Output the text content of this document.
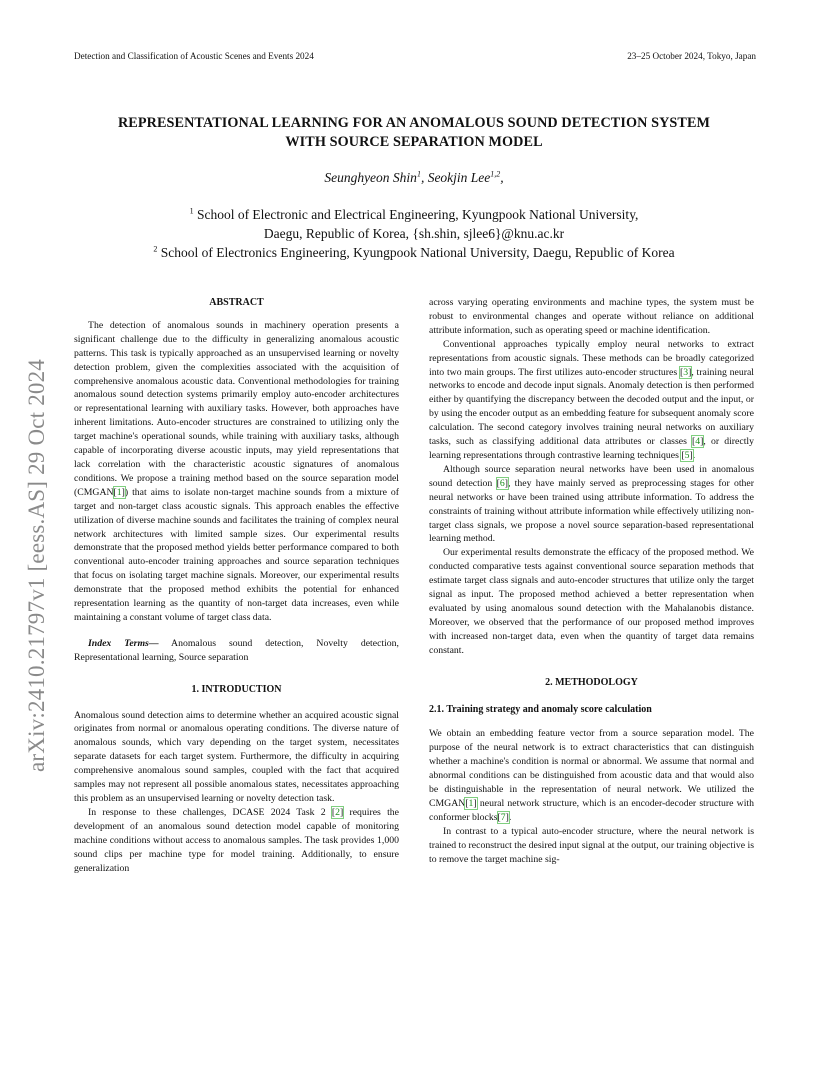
Detection and Classification of Acoustic Scenes and Events 2024	23–25 October 2024, Tokyo, Japan
REPRESENTATIONAL LEARNING FOR AN ANOMALOUS SOUND DETECTION SYSTEM
WITH SOURCE SEPARATION MODEL
Seunghyeon Shin$^1$, Seokjin Lee$^{1,2}$,
$^1$ School of Electronic and Electrical Engineering, Kyungpook National University,
Daegu, Republic of Korea, {sh.shin, sjlee6}@knu.ac.kr
$^2$ School of Electronics Engineering, Kyungpook National University, Daegu, Republic of Korea
arXiv:2410.21797v1 [eess.AS] 29 Oct 2024
ABSTRACT

The detection of anomalous sounds in machinery operation presents a significant challenge due to the difficulty in generalizing anomalous acoustic patterns. This task is typically approached as an unsupervised learning or novelty detection problem, given the complexities associated with the acquisition of comprehensive anomalous acoustic data. Conventional methodologies for training anomalous sound detection systems primarily employ auto-encoder architectures or representational learning with auxiliary tasks. However, both approaches have inherent limitations. Auto-encoder structures are constrained to utilizing only the target machine's operational sounds, while training with auxiliary tasks, although capable of incorporating diverse acoustic inputs, may yield representations that lack correlation with the characteristic acoustic signatures of anomalous conditions. We propose a training method based on the source separation model (CMGAN [ 1 ] ) that aims to isolate non-target machine sounds from a mixture of target and non-target class acoustic signals. This approach enables the effective utilization of diverse machine sounds and facilitates the training of complex neural network architectures with limited sample sizes. Our experimental results demonstrate that the proposed method yields better performance compared to both conventional auto-encoder training approaches and source separation techniques that focus on isolating target machine signals. Moreover, our experimental results demonstrate that the proposed method exhibits the potential for enhanced representation learning as the quantity of non-target data increases, even while maintaining a constant volume of target class data.

Index Terms— Anomalous sound detection, Novelty detection, Representational learning, Source separation

1. INTRODUCTION

Anomalous sound detection aims to determine whether an acquired acoustic signal originates from normal or anomalous operating conditions. The diverse nature of anomalous sounds, which vary depending on the target system, necessitates separate datasets for each target system. Furthermore, the difficulty in acquiring comprehensive anomalous sound samples, coupled with the fact that acquired samples may not represent all possible anomalous states, necessitates approaching this problem as an unsupervised learning or novelty detection task.

In response to these challenges, DCASE 2024 Task 2 [ 2 ] requires the development of an anomalous sound detection model capable of monitoring machine conditions without access to anomalous samples. The task provides 1,000 sound clips per machine type for model training. Additionally, to ensure generalization

across varying operating environments and machine types, the system must be robust to environmental changes and operate without reliance on additional attribute information, such as operating speed or machine identification.

Conventional approaches typically employ neural networks to extract representations from acoustic signals. These methods can be broadly categorized into two main groups. The first utilizes auto-encoder structures [ 3 ] , training neural networks to encode and decode input signals. Anomaly detection is then performed either by quantifying the discrepancy between the decoded output and the input, or by using the encoder output as an embedding feature for subsequent anomaly score calculation. The second category involves training neural networks on auxiliary tasks, such as classifying additional data attributes or classes [ 4 ] , or directly learning representations through contrastive learning techniques [ 5 ] .

Although source separation neural networks have been used in anomalous sound detection [ 6 ] , they have mainly served as preprocessing stages for other neural networks or have been trained using attribute information. To address the constraints of training without attribute information while effectively utilizing non-target class signals, we propose a novel source separation-based representational learning method.

Our experimental results demonstrate the efficacy of the proposed method. We conducted comparative tests against conventional source separation methods that estimate target class signals and auto-encoder structures that utilize only the target signal as input. The proposed method achieved a better representation when evaluated by using anomalous sound detection with the Mahalanobis distance. Moreover, we observed that the performance of our proposed method improves with increased non-target data, even when the quantity of target data remains constant.

2. METHODOLOGY
2.1. Training strategy and anomaly score calculation

We obtain an embedding feature vector from a source separation model. The purpose of the neural network is to extract characteristics that can distinguish whether a machine's condition is normal or abnormal. We assume that normal and abnormal conditions can be distinguished from acoustic data and that would also be distinguishable in the representation of neural network. We utilized the CMGAN [ 1 ] neural network structure, which is an encoder-decoder structure with conformer blocks [ 7 ] .

In contrast to a typical auto-encoder structure, where the neural network is trained to reconstruct the desired input signal at the output, our training objective is to remove the target machine sig-
